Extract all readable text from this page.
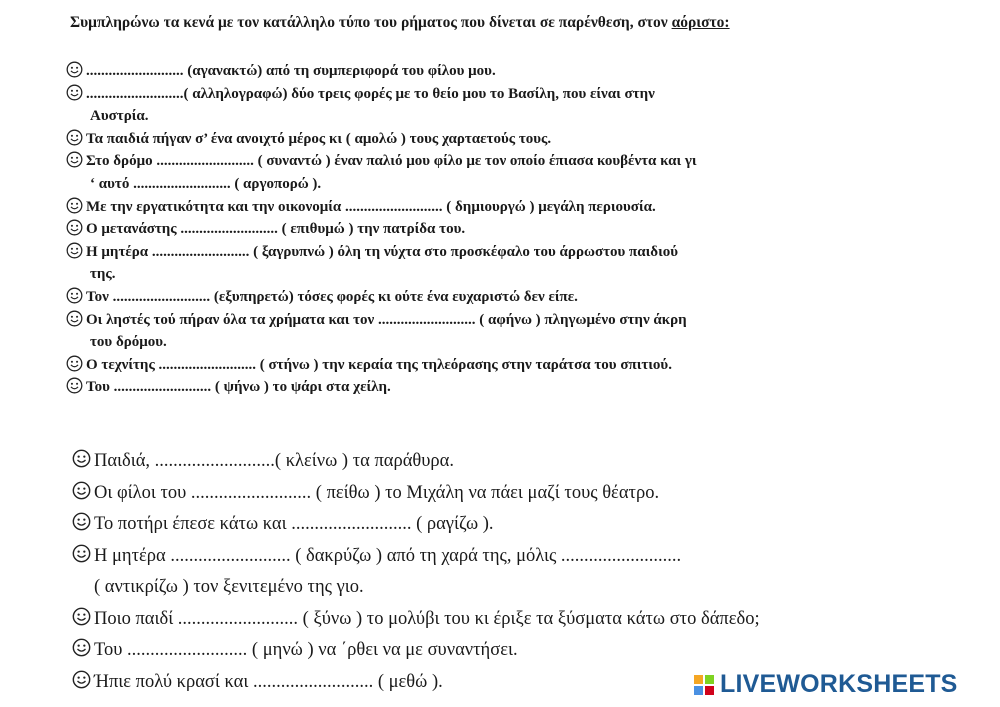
Συμπληρώνω τα κενά με τον κατάλληλο τύπο του ρήματος που δίνεται σε παρένθεση, στον αόριστο:
.......................... (αγανακτώ) από τη συμπεριφορά του φίλου μου.
..........................( αλληλογραφώ) δύο τρεις φορές με το θείο μου το Βασίλη, που είναι στην
Αυστρία.
Τα παιδιά πήγαν σ’ ένα ανοιχτό μέρος κι ( αμολώ ) τους χαρταετούς τους.
Στο δρόμο .......................... ( συναντώ ) έναν παλιό μου φίλο με τον οποίο έπιασα κουβέντα και γι
‘ αυτό .......................... ( αργοπορώ ).
Με την εργατικότητα και την οικονομία .......................... ( δημιουργώ ) μεγάλη περιουσία.
Ο μετανάστης .......................... ( επιθυμώ ) την πατρίδα του.
Η μητέρα .......................... ( ξαγρυπνώ ) όλη τη νύχτα στο προσκέφαλο του άρρωστου παιδιού
της.
Τον .......................... (εξυπηρετώ) τόσες φορές κι ούτε ένα ευχαριστώ δεν είπε.
Οι ληστές τού πήραν όλα τα χρήματα και τον .......................... ( αφήνω ) πληγωμένο στην άκρη
του δρόμου.
Ο τεχνίτης .......................... ( στήνω ) την κεραία της τηλεόρασης στην ταράτσα του σπιτιού.
Του .......................... ( ψήνω ) το ψάρι στα χείλη.
Παιδιά, ..........................( κλείνω ) τα παράθυρα.
Οι φίλοι του .......................... ( πείθω ) το Μιχάλη να πάει μαζί τους θέατρο.
Το ποτήρι έπεσε κάτω και .......................... ( ραγίζω ).
Η μητέρα .......................... ( δακρύζω ) από τη χαρά της, μόλις ..........................
( αντικρίζω ) τον ξενιτεμένο της γιο.
Ποιο παιδί .......................... ( ξύνω ) το μολύβι του κι έριξε τα ξύσματα κάτω στο δάπεδο;
Του .......................... ( μηνώ ) να ΄ρθει να με συναντήσει.
Ήπιε πολύ κρασί και .......................... ( μεθώ ).	LIVEWORKSHEETS
